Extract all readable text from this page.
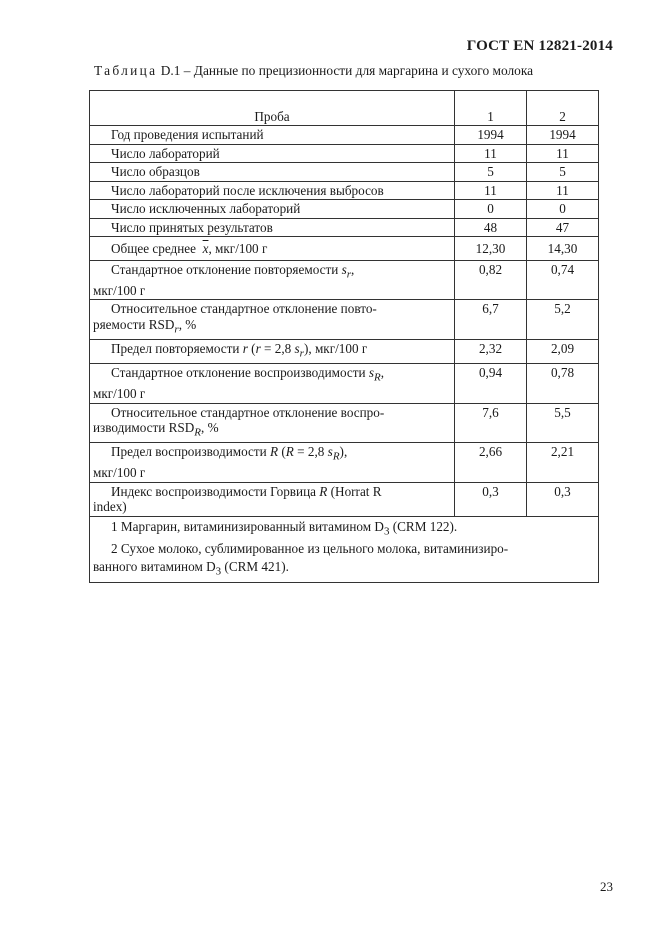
ГОСТ EN 12821-2014
Таблица D.1 – Данные по прецизионности для маргарина и сухого молока
Проба	1	2
Год проведения испытаний	1994	1994
Число лабораторий	11	11
Число образцов	5	5
Число лабораторий после исключения выбросов	11	11
Число исключенных лабораторий	0	0
Число принятых результатов	48	47
Общее среднее $\overline{x}$, мкг/100 г	12,30	14,30
Стандартное отклонение повторяемости $s_r$,
мкг/100 г	0,82	0,74
Относительное стандартное отклонение повто-
ряемости $RSD_r$, %	6,7	5,2
Предел повторяемости r (r = 2,8 $s_r$), мкг/100 г	2,32	2,09
Стандартное отклонение воспроизводимости $s_R$,
мкг/100 г	0,94	0,78
Относительное стандартное отклонение воспро-
изводимости $RSD_R$, %	7,6	5,5
Предел воспроизводимости R (R = 2,8 $s_R$),
мкг/100 г	2,66	2,21
Индекс воспроизводимости Горвица R (Horrat R
index)	0,3	0,3

1 Маргарин, витаминизированный витамином $D_3$ (CRM 122).
2 Сухое молоко, сублимированное из цельного молока, витаминизиро-
ванного витамином $D_3$ (CRM 421).		
23
